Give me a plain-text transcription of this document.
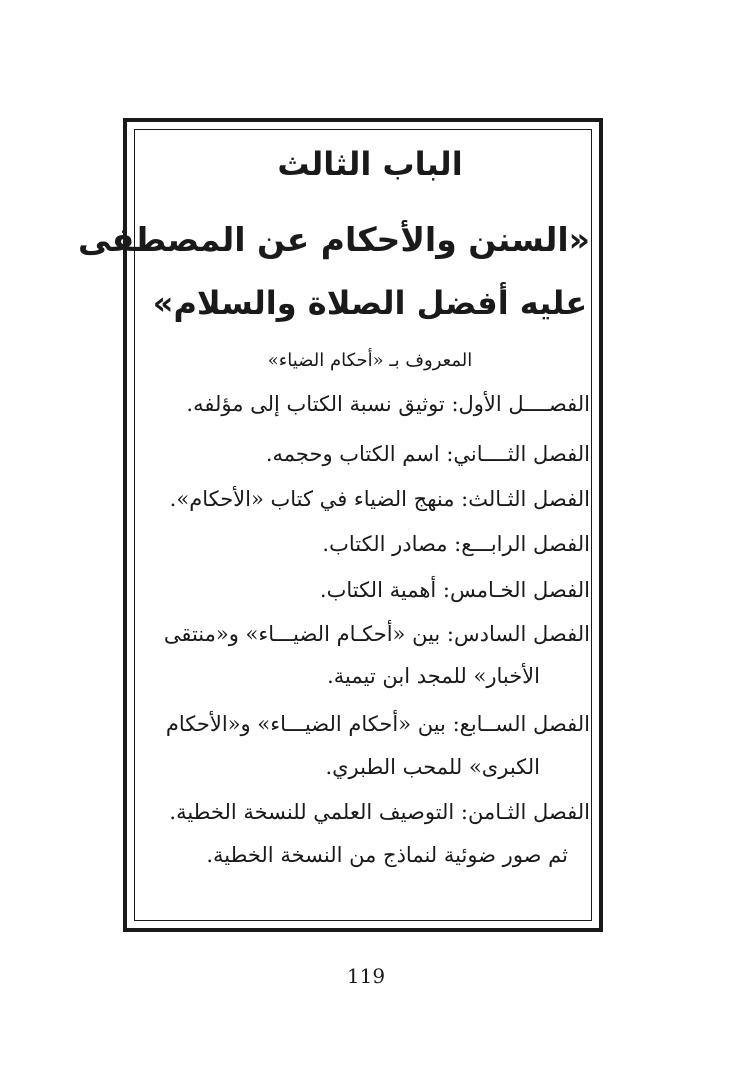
الباب الثالث
«السنن والأحكام عن المصطفى
عليه أفضل الصلاة والسلام»
المعروف بـ «أحكام الضياء»
الفصــــل الأول: توثيق نسبة الكتاب إلى مؤلفه.
الفصل الثــــاني: اسم الكتاب وحجمه.
الفصل الثـالث: منهج الضياء في كتاب «الأحكام».
الفصل الرابـــع: مصادر الكتاب.
الفصل الخـامس: أهمية الكتاب.
الفصل السادس: بين «أحكـام الضيـــاء» و«منتقى
الأخبار» للمجد ابن تيمية.
الفصل الســابع: بين «أحكام الضيـــاء» و«الأحكام
الكبرى» للمحب الطبري.
الفصل الثـامن: التوصيف العلمي للنسخة الخطية.
ثم صور ضوئية لنماذج من النسخة الخطية.
119
